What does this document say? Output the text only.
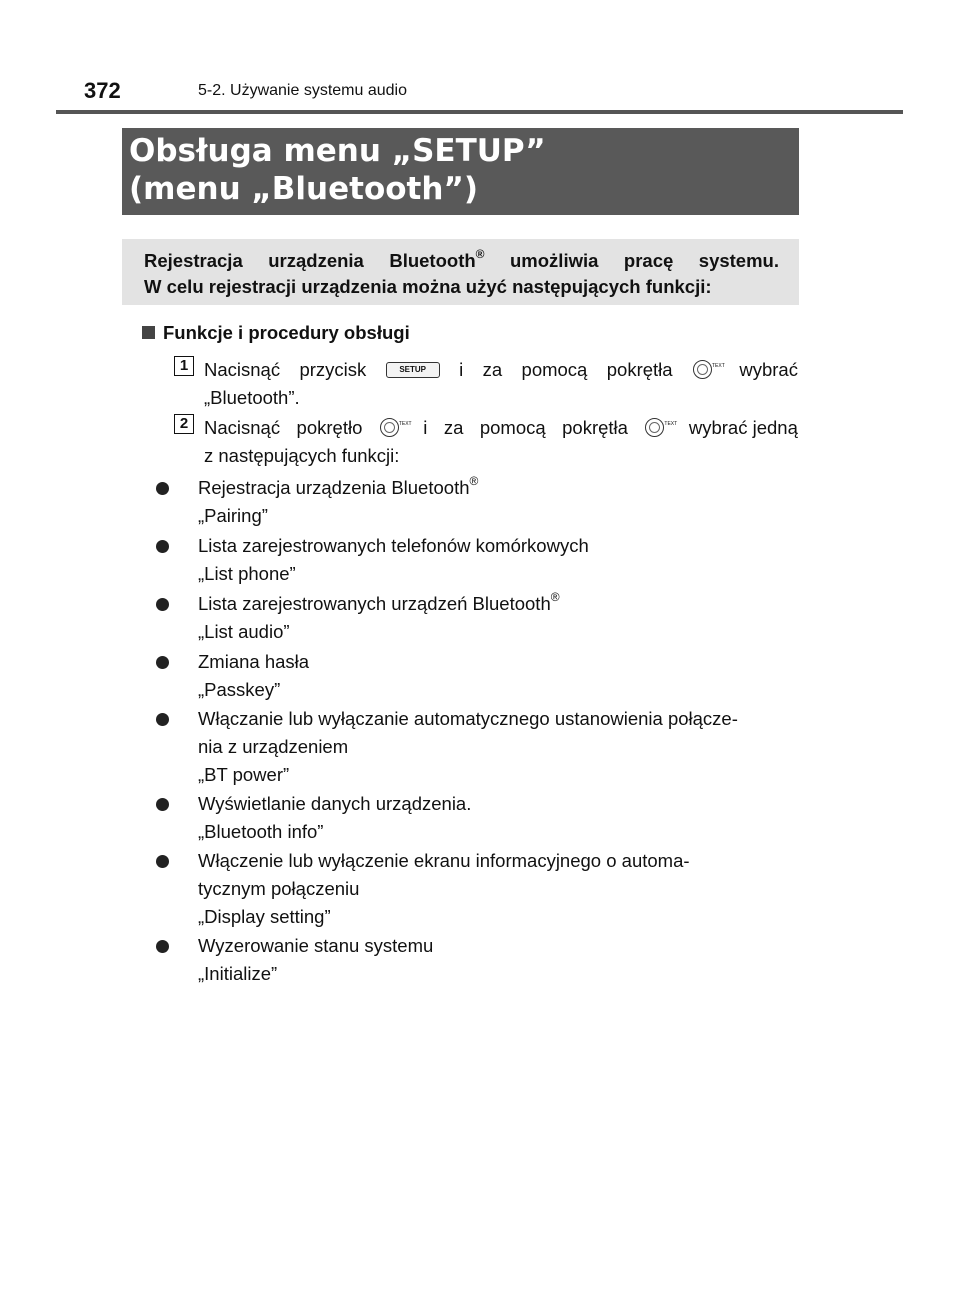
372	5-2. Używanie systemu audio
Obsługa menu „SETUP”
(menu „Bluetooth”)
Rejestracja urządzenia Bluetooth® umożliwia pracę systemu.
W celu rejestracji urządzenia można użyć następujących funkcji:
Funkcje i procedury obsługi
1 Nacisnąć przycisk	SETUP	i za pomocą pokrętła	TEXT wybrać
„Bluetooth”.
2 Nacisnąć pokrętło	TEXT i za pomocą pokrętła	TEXT wybrać jedną
z następujących funkcji:
Rejestracja urządzenia Bluetooth®
„Pairing”
Lista zarejestrowanych telefonów komórkowych
„List phone”
Lista zarejestrowanych urządzeń Bluetooth®
„List audio”
Zmiana hasła
„Passkey”
Włączanie lub wyłączanie automatycznego ustanowienia połącze-
nia z urządzeniem
„BT power”
Wyświetlanie danych urządzenia.
„Bluetooth info”
Włączenie lub wyłączenie ekranu informacyjnego o automa-
tycznym połączeniu
„Display setting”
Wyzerowanie stanu systemu
„Initialize”
